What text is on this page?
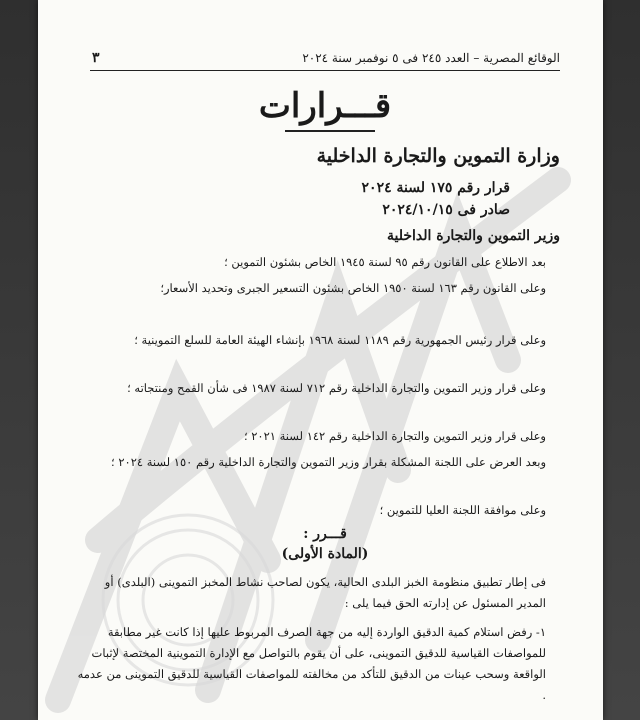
الوقائع المصرية – العدد ٢٤٥ فى ٥ نوفمبر سنة ٢٠٢٤
٣
قـــرارات
وزارة التموين والتجارة الداخلية
قرار رقم ١٧٥ لسنة ٢٠٢٤
صادر فى ٢٠٢٤/١٠/١٥
وزير التموين والتجارة الداخلية
بعد الاطلاع على القانون رقم ٩٥ لسنة ١٩٤٥ الخاص بشئون التموين ؛
وعلى القانون رقم ١٦٣ لسنة ١٩٥٠ الخاص بشئون التسعير الجبرى وتحديد الأسعار؛
وعلى قرار رئيس الجمهورية رقم ١١٨٩ لسنة ١٩٦٨ بإنشاء الهيئة العامة للسلع التموينية ؛
وعلى قرار وزير التموين والتجارة الداخلية رقم ٧١٢ لسنة ١٩٨٧ فى شأن القمح ومنتجاته ؛
وعلى قرار وزير التموين والتجارة الداخلية رقم ١٤٢ لسنة ٢٠٢١ ؛
وبعد العرض على اللجنة المشكلة بقرار وزير التموين والتجارة الداخلية رقم ١٥٠ لسنة ٢٠٢٤ ؛
وعلى موافقة اللجنة العليا للتموين ؛
قـــرر :
(المادة الأولى)
فى إطار تطبيق منظومة الخبز البلدى الحالية، يكون لصاحب نشاط المخبز التموينى (البلدى) أو المدير المسئول عن إدارته الحق فيما يلى :
١- رفض استلام كمية الدقيق الواردة إليه من جهة الصرف المربوط عليها إذا كانت غير مطابقة للمواصفات القياسية للدقيق التموينى، على أن يقوم بالتواصل مع الإدارة التموينية المختصة لإثبات الواقعة وسحب عينات من الدقيق للتأكد من مخالفته للمواصفات القياسية للدقيق التموينى من عدمه .
